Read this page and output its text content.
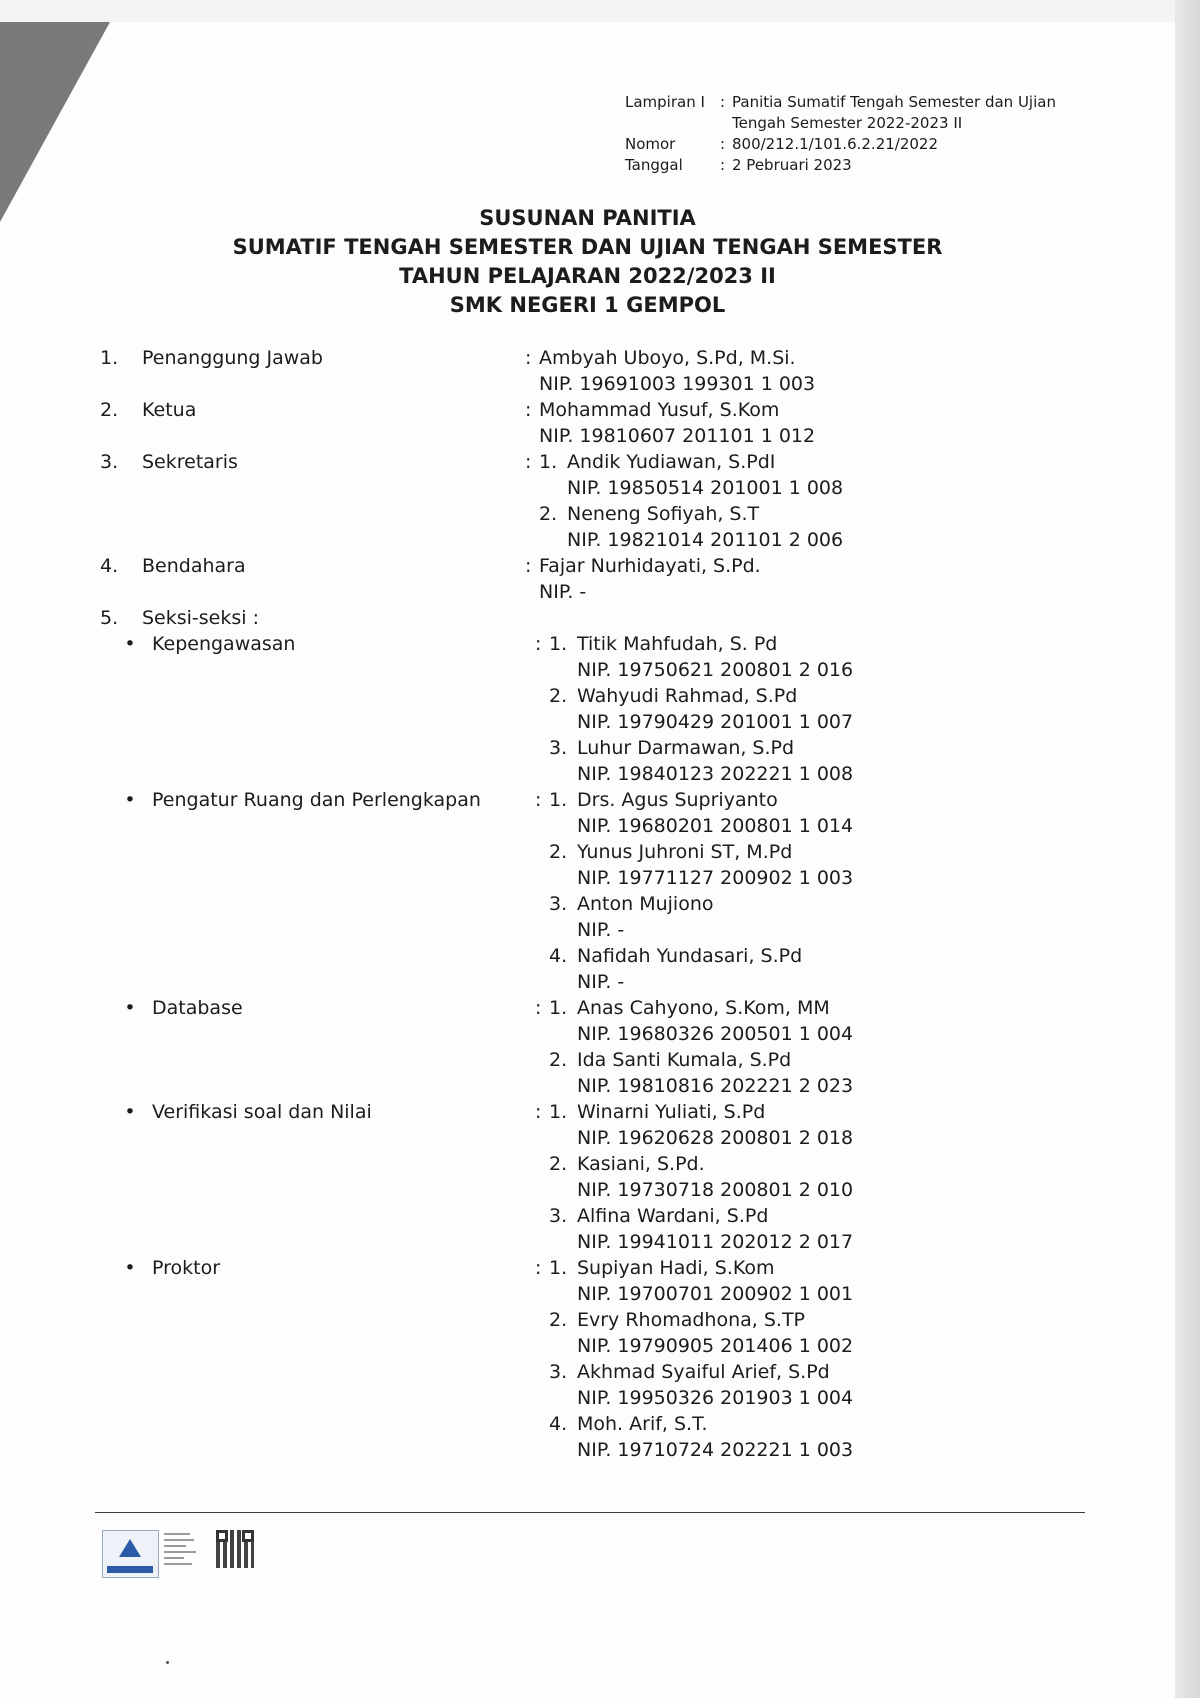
Lampiran I	: Panitia Sumatif Tengah Semester dan Ujian
Tengah Semester 2022-2023 II
Nomor	: 800/212.1/101.6.2.21/2022
Tanggal	: 2 Pebruari 2023
SUSUNAN PANITIA
SUMATIF TENGAH SEMESTER DAN UJIAN TENGAH SEMESTER
TAHUN PELAJARAN 2022/2023 II
SMK NEGERI 1 GEMPOL
1.	Penanggung Jawab	: Ambyah Uboyo, S.Pd, M.Si.
NIP. 19691003 199301 1 003
2.	Ketua	: Mohammad Yusuf, S.Kom
NIP. 19810607 201101 1 012
3.	Sekretaris	: 1. Andik Yudiawan, S.PdI
NIP. 19850514 201001 1 008
2. Neneng Sofiyah, S.T
NIP. 19821014 201101 2 006
4.	Bendahara	: Fajar Nurhidayati, S.Pd.
NIP. -
5.	Seksi-seksi :
• Kepengawasan	: 1. Titik Mahfudah, S. Pd
NIP. 19750621 200801 2 016
2. Wahyudi Rahmad, S.Pd
NIP. 19790429 201001 1 007
3. Luhur Darmawan, S.Pd
NIP. 19840123 202221 1 008
• Pengatur Ruang dan Perlengkapan	: 1. Drs. Agus Supriyanto
NIP. 19680201 200801 1 014
2. Yunus Juhroni ST, M.Pd
NIP. 19771127 200902 1 003
3. Anton Mujiono
NIP. -
4. Nafidah Yundasari, S.Pd
NIP. -
• Database	: 1. Anas Cahyono, S.Kom, MM
NIP. 19680326 200501 1 004
2. Ida Santi Kumala, S.Pd
NIP. 19810816 202221 2 023
• Verifikasi soal dan Nilai	: 1. Winarni Yuliati, S.Pd
NIP. 19620628 200801 2 018
2. Kasiani, S.Pd.
NIP. 19730718 200801 2 010
3. Alfina Wardani, S.Pd
NIP. 19941011 202012 2 017
• Proktor	: 1. Supiyan Hadi, S.Kom
NIP. 19700701 200902 1 001
2. Evry Rhomadhona, S.TP
NIP. 19790905 201406 1 002
3. Akhmad Syaiful Arief, S.Pd
NIP. 19950326 201903 1 004
4. Moh. Arif, S.T.
NIP. 19710724 202221 1 003
